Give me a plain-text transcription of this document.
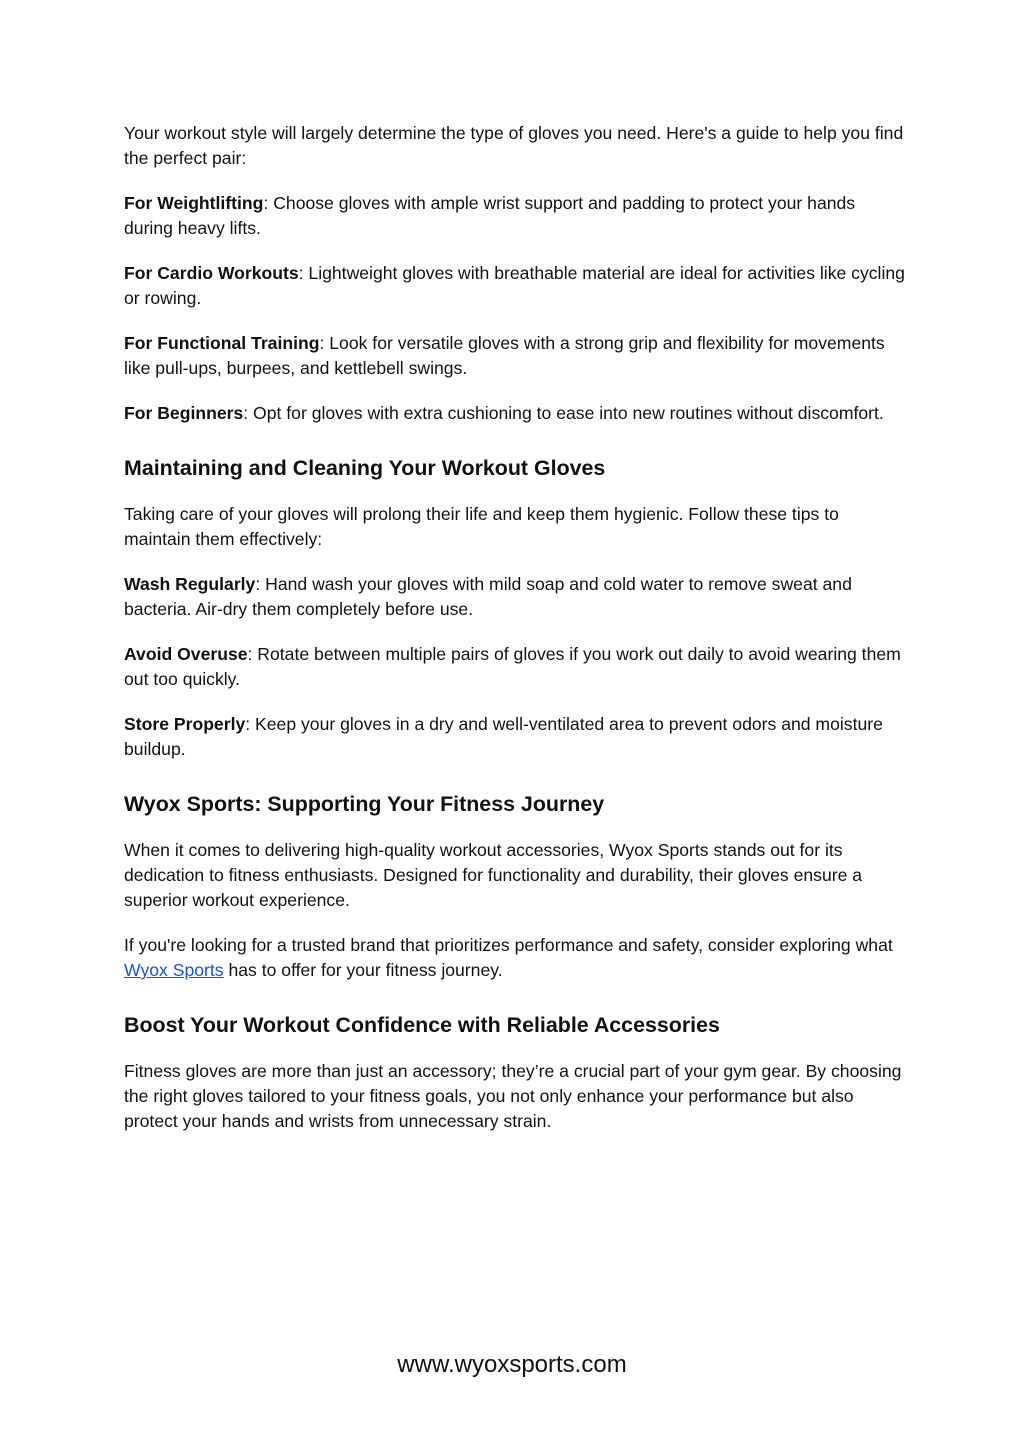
Your workout style will largely determine the type of gloves you need. Here's a guide to help you find the perfect pair:

For Weightlifting: Choose gloves with ample wrist support and padding to protect your hands during heavy lifts.

For Cardio Workouts: Lightweight gloves with breathable material are ideal for activities like cycling or rowing.

For Functional Training: Look for versatile gloves with a strong grip and flexibility for movements like pull-ups, burpees, and kettlebell swings.

For Beginners: Opt for gloves with extra cushioning to ease into new routines without discomfort.

Maintaining and Cleaning Your Workout Gloves

Taking care of your gloves will prolong their life and keep them hygienic. Follow these tips to maintain them effectively:

Wash Regularly: Hand wash your gloves with mild soap and cold water to remove sweat and bacteria. Air-dry them completely before use.

Avoid Overuse: Rotate between multiple pairs of gloves if you work out daily to avoid wearing them out too quickly.

Store Properly: Keep your gloves in a dry and well-ventilated area to prevent odors and moisture buildup.

Wyox Sports: Supporting Your Fitness Journey

When it comes to delivering high-quality workout accessories, Wyox Sports stands out for its dedication to fitness enthusiasts. Designed for functionality and durability, their gloves ensure a superior workout experience.

If you're looking for a trusted brand that prioritizes performance and safety, consider exploring what Wyox Sports has to offer for your fitness journey.

Boost Your Workout Confidence with Reliable Accessories

Fitness gloves are more than just an accessory; they’re a crucial part of your gym gear. By choosing the right gloves tailored to your fitness goals, you not only enhance your performance but also protect your hands and wrists from unnecessary strain.

www.wyoxsports.com
